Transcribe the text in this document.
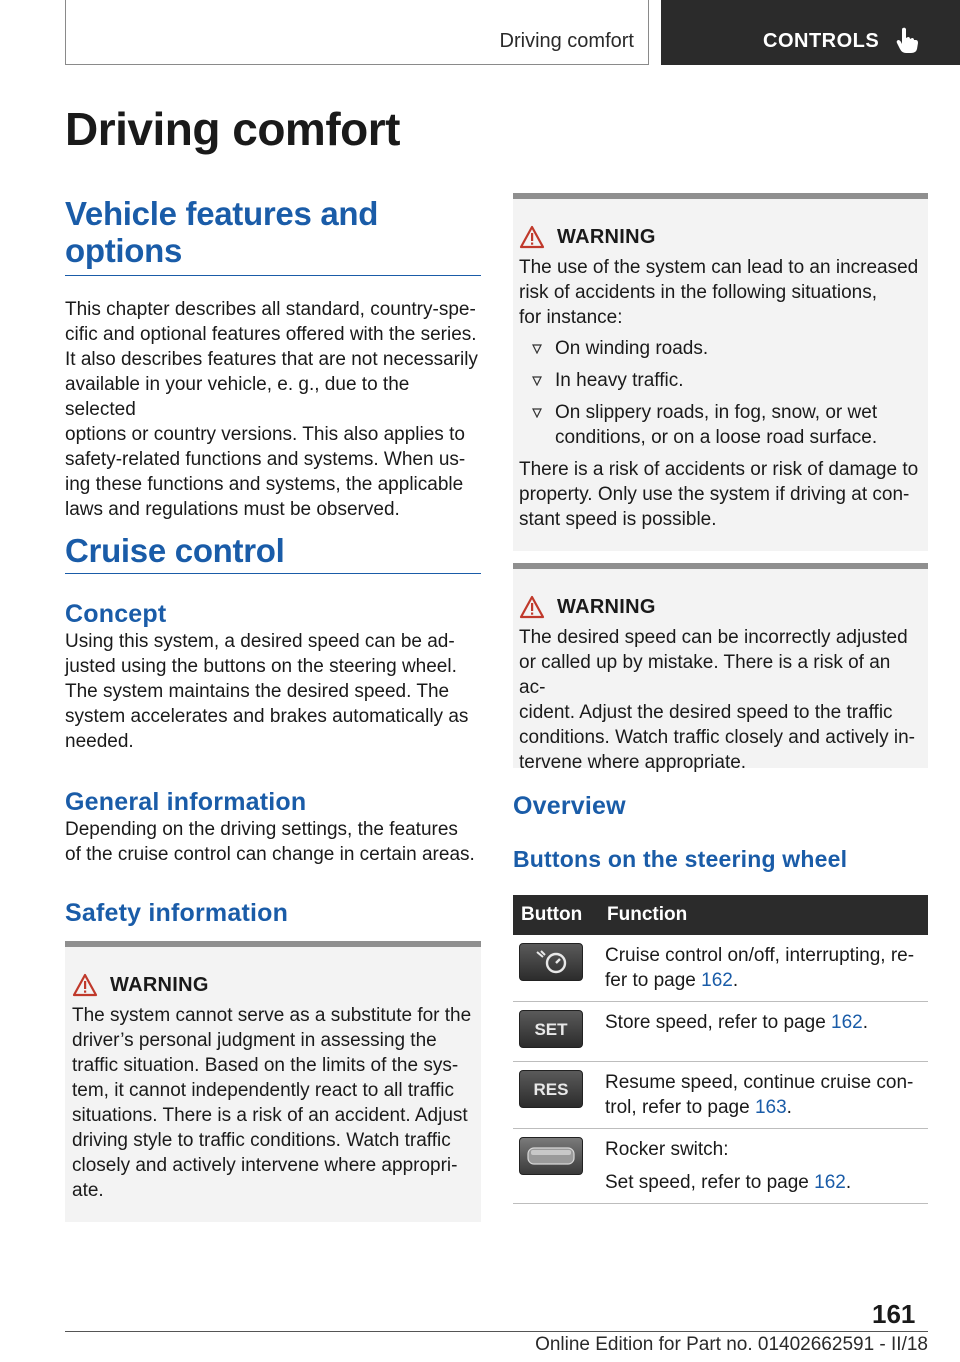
Driving comfort	CONTROLS
Driving comfort
Vehicle features and
options
This chapter describes all standard, country-spe-
cific and optional features offered with the series.
It also describes features that are not necessarily
available in your vehicle, e. g., due to the selected
options or country versions. This also applies to
safety-related functions and systems. When us-
ing these functions and systems, the applicable
laws and regulations must be observed.
Cruise control
Concept
Using this system, a desired speed can be ad-
justed using the buttons on the steering wheel.
The system maintains the desired speed. The
system accelerates and brakes automatically as
needed.
General information
Depending on the driving settings, the features
of the cruise control can change in certain areas.
Safety information
WARNING
The system cannot serve as a substitute for the
driver’s personal judgment in assessing the
traffic situation. Based on the limits of the sys-
tem, it cannot independently react to all traffic
situations. There is a risk of an accident. Adjust
driving style to traffic conditions. Watch traffic
closely and actively intervene where appropri-
ate.
WARNING
The use of the system can lead to an increased
risk of accidents in the following situations,
for instance:
On winding roads.
In heavy traffic.
On slippery roads, in fog, snow, or wet
conditions, or on a loose road surface.
There is a risk of accidents or risk of damage to
property. Only use the system if driving at con-
stant speed is possible.
WARNING
The desired speed can be incorrectly adjusted
or called up by mistake. There is a risk of an ac-
cident. Adjust the desired speed to the traffic
conditions. Watch traffic closely and actively in-
tervene where appropriate.
Overview
Buttons on the steering wheel
Button	Function

Cruise control on/off, interrupting, re-
fer to page 162.

SET	Store speed, refer to page 162.

RES	Resume speed, continue cruise con-
trol, refer to page 163.

Rocker switch:
Set speed, refer to page 162.
161
Online Edition for Part no. 01402662591 - II/18
